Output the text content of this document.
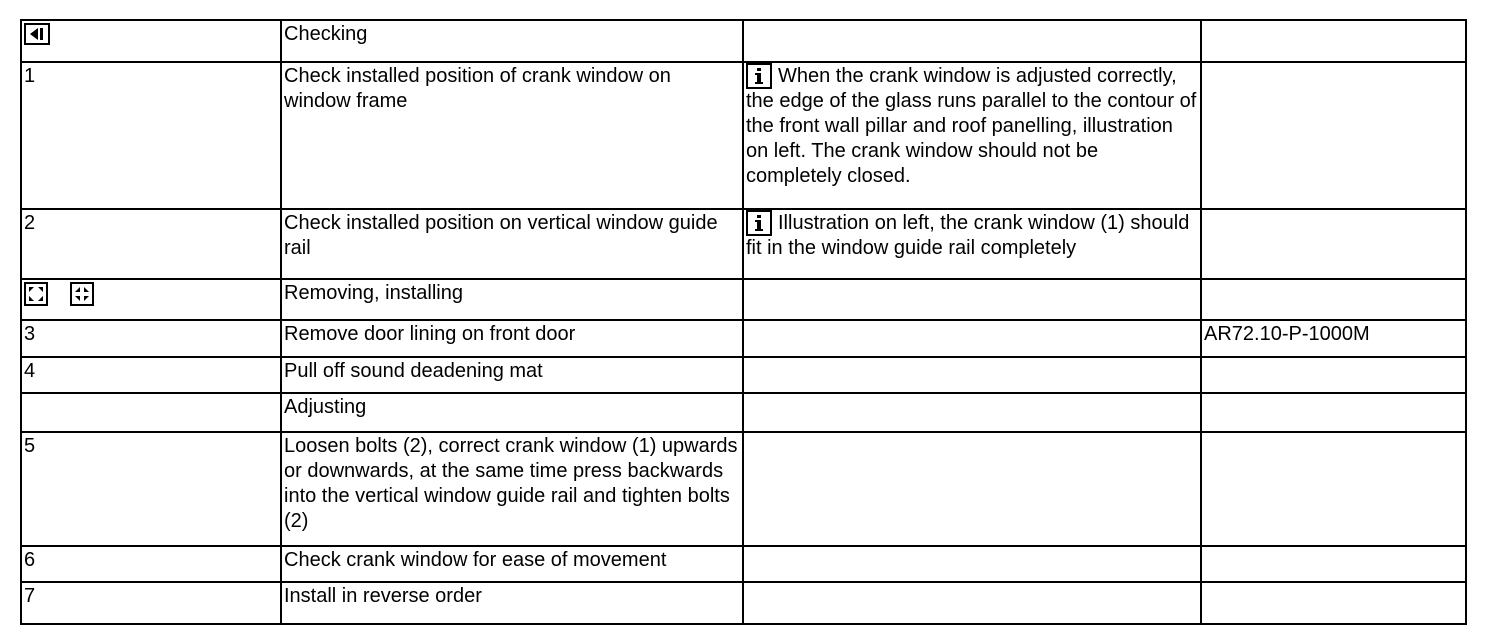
	Checking		
1	Check installed position of crank window on window frame	When the crank window is adjusted correctly, the edge of the glass runs parallel to the contour of the front wall pillar and roof panelling, illustration on left. The crank window should not be completely closed.	
2	Check installed position on vertical window guide rail	Illustration on left, the crank window (1) should fit in the window guide rail completely	

	Removing, installing		
3	Remove door lining on front door		AR72.10-P-1000M
4	Pull off sound deadening mat		
	Adjusting		
5	Loosen bolts (2), correct crank window (1) upwards or downwards, at the same time press backwards into the vertical window guide rail and tighten bolts (2)		
6	Check crank window for ease of movement		
7	Install in reverse order		
